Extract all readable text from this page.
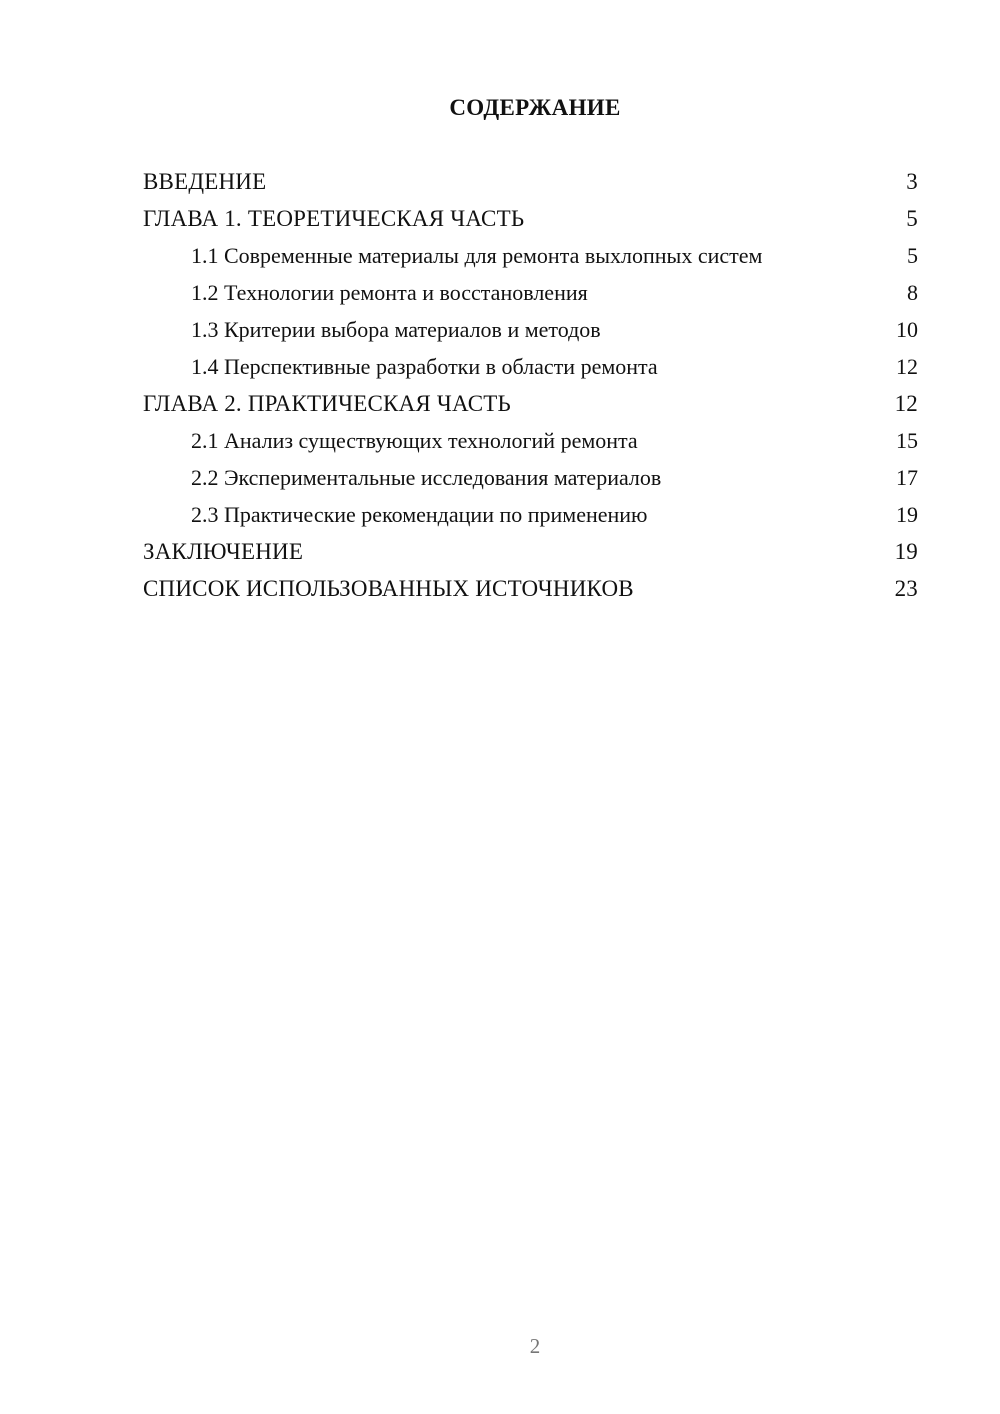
СОДЕРЖАНИЕ
ВВЕДЕНИЕ	3
ГЛАВА 1. ТЕОРЕТИЧЕСКАЯ ЧАСТЬ	5
1.1 Современные материалы для ремонта выхлопных систем	5
1.2 Технологии ремонта и восстановления	8
1.3 Критерии выбора материалов и методов	10
1.4 Перспективные разработки в области ремонта	12
ГЛАВА 2. ПРАКТИЧЕСКАЯ ЧАСТЬ	12
2.1 Анализ существующих технологий ремонта	15
2.2 Экспериментальные исследования материалов	17
2.3 Практические рекомендации по применению	19
ЗАКЛЮЧЕНИЕ	19
СПИСОК ИСПОЛЬЗОВАННЫХ ИСТОЧНИКОВ	23
2
